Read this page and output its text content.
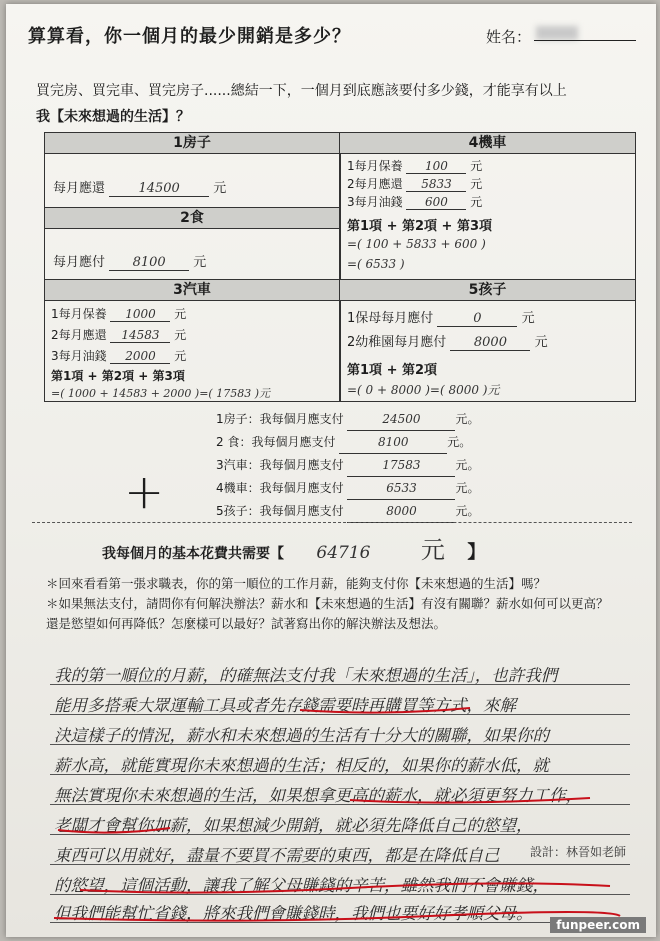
算算看，你一個月的最少開銷是多少？	姓名：
買完房、買完車、買完房子......總結一下，一個月到底應該要付多少錢，才能享有以上
我【未來想過的生活】？
1房子
每月應還	14500	元
2食
每月應付 8100 元
3汽車
1每月保養 1000 元
2每月應還 14583 元
3每月油錢 2000 元
第1項 + 第2項 + 第3項
=( 1000 + 14583 + 2000 )=( 17583 )元
4機車
1每月保養 100 元
2每月應還 5833 元
3每月油錢 600 元
第1項 + 第2項 + 第3項
=( 100 + 5833 + 600 )
=( 6533 )
5孩子
1保母每月應付	0	元
2幼稚園每月應付 8000 元
第1項 + 第2項
=( 0 + 8000 )=( 8000 )元
1房子：我每個月應支付	24500	元。
2 食：我每個月應支付	8100	元。
3汽車：我每個月應支付	17583	元。
4機車：我每個月應支付	6533	元。
5孩子：我每個月應支付	8000	元。
+
我每個月的基本花費共需要【 64716 元 】
＊回來看看第一張求職表，你的第一順位的工作月薪，能夠支付你【未來想過的生活】嗎？
＊如果無法支付，請問你有何解決辦法？薪水和【未來想過的生活】有沒有關聯？薪水如何可以更高？
還是慾望如何再降低？怎麼樣可以最好？試著寫出你的解決辦法及想法。
我的第一順位的月薪，的確無法支付我「未來想過的生活」，也許我們
能用多搭乘大眾運輸工具或者先存錢需要時再購買等方式，來解
決這樣子的情況，薪水和未來想過的生活有十分大的關聯，如果你的
薪水高，就能實現你未來想過的生活；相反的，如果你的薪水低，就
無法實現你未來想過的生活，如果想拿更高的薪水，就必須更努力工作，
老闆才會幫你加薪，如果想減少開銷，就必須先降低自己的慾望，
東西可以用就好，盡量不要買不需要的東西，都是在降低自己
的慾望，這個活動，讓我了解父母賺錢的辛苦，雖然我們不會賺錢，
但我們能幫忙省錢，將來我們會賺錢時，我們也要好好孝順父母。
設計：林晉如老師
funpeer.com
